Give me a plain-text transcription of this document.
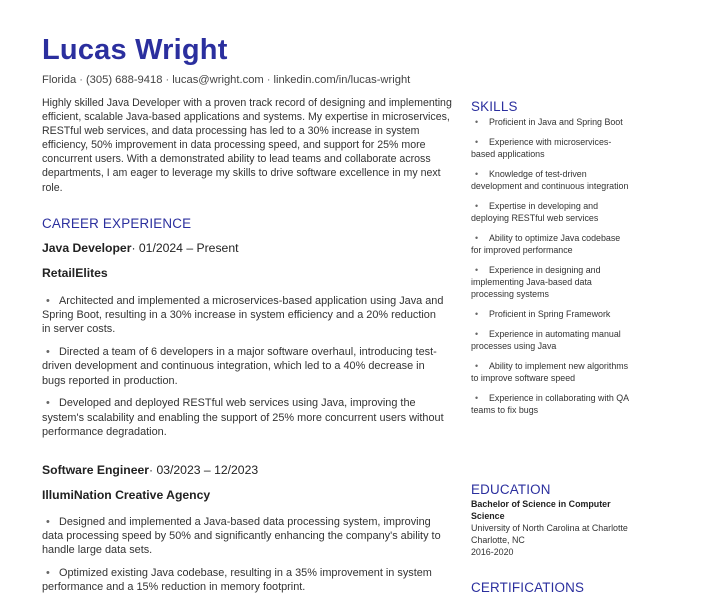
Lucas Wright
Florida · (305) 688-9418 · lucas@wright.com · linkedin.com/in/lucas-wright

Highly skilled Java Developer with a proven track record of designing and implementing efficient, scalable Java-based applications and systems. My expertise in microservices, RESTful web services, and data processing has led to a 30% increase in system efficiency, 50% improvement in data processing speed, and support for 25% more concurrent users. With a demonstrated ability to lead teams and collaborate across departments, I am eager to leverage my skills to drive software excellence in my next role.

CAREER EXPERIENCE
Java Developer· 01/2024 – Present
RetailElites
• Architected and implemented a microservices-based application using Java and Spring Boot, resulting in a 30% increase in system efficiency and a 20% reduction in server costs.
• Directed a team of 6 developers in a major software overhaul, introducing test-driven development and continuous integration, which led to a 40% decrease in bugs reported in production.
• Developed and deployed RESTful web services using Java, improving the system's scalability and enabling the support of 25% more concurrent users without performance degradation.
Software Engineer· 03/2023 – 12/2023
IllumiNation Creative Agency
• Designed and implemented a Java-based data processing system, improving data processing speed by 50% and significantly enhancing the company's ability to handle large data sets.
• Optimized existing Java codebase, resulting in a 35% improvement in system performance and a 15% reduction in memory footprint.
SKILLS
• Proficient in Java and Spring Boot
• Experience with microservices-based applications
• Knowledge of test-driven development and continuous integration
• Expertise in developing and deploying RESTful web services
• Ability to optimize Java codebase for improved performance
• Experience in designing and implementing Java-based data processing systems
• Proficient in Spring Framework
• Experience in automating manual processes using Java
• Ability to implement new algorithms to improve software speed
• Experience in collaborating with QA teams to fix bugs
EDUCATION
Bachelor of Science in Computer Science
University of North Carolina at Charlotte
Charlotte, NC
2016-2020
CERTIFICATIONS
